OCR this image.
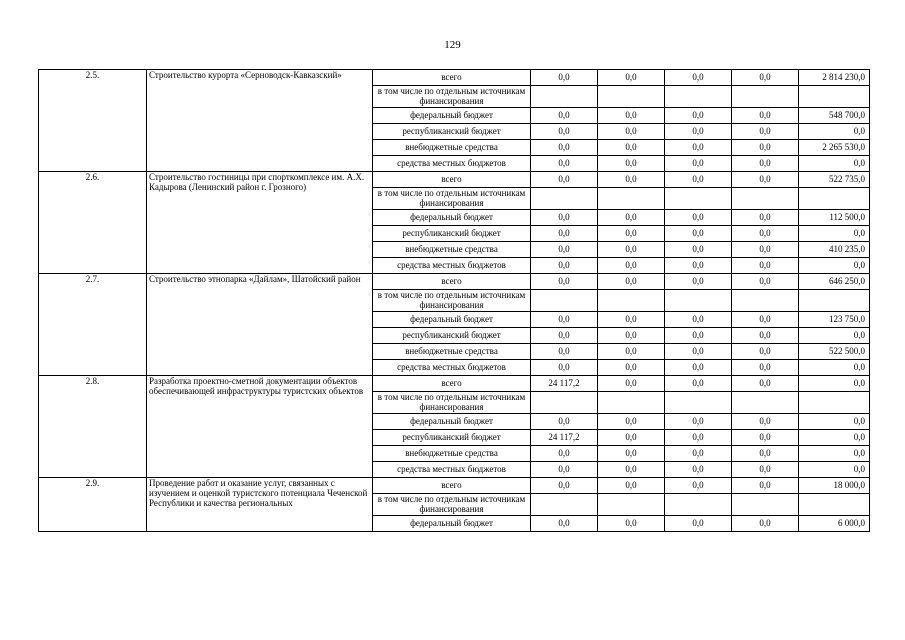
129
2.5.	Строительство курорта «Серноводск-Кавказский»	всего	0,0	0,0	0,0	0,0	2 814 230,0
		в том числе по отдельным источникам финансирования					
		федеральный бюджет	0,0	0,0	0,0	0,0	548 700,0
		республиканский бюджет	0,0	0,0	0,0	0,0	0,0
		внебюджетные средства	0,0	0,0	0,0	0,0	2 265 530,0
		средства местных бюджетов	0,0	0,0	0,0	0,0	0,0
2.6.	Строительство гостиницы при спорткомплексе им. А.Х. Кадырова (Ленинский район г. Грозного)	всего	0,0	0,0	0,0	0,0	522 735,0
		в том числе по отдельным источникам финансирования					
		федеральный бюджет	0,0	0,0	0,0	0,0	112 500,0
		республиканский бюджет	0,0	0,0	0,0	0,0	0,0
		внебюджетные средства	0,0	0,0	0,0	0,0	410 235,0
		средства местных бюджетов	0,0	0,0	0,0	0,0	0,0
2.7.	Строительство этнопарка «Дайлам», Шатойский район	всего	0,0	0,0	0,0	0,0	646 250,0
		в том числе по отдельным источникам финансирования					
		федеральный бюджет	0,0	0,0	0,0	0,0	123 750,0
		республиканский бюджет	0,0	0,0	0,0	0,0	0,0
		внебюджетные средства	0,0	0,0	0,0	0,0	522 500,0
		средства местных бюджетов	0,0	0,0	0,0	0,0	0,0
2.8.	Разработка проектно-сметной документации объектов обеспечивающей инфраструктуры туристских объектов	всего	24 117,2	0,0	0,0	0,0	0,0
		в том числе по отдельным источникам финансирования					
		федеральный бюджет	0,0	0,0	0,0	0,0	0,0
		республиканский бюджет	24 117,2	0,0	0,0	0,0	0,0
		внебюджетные средства	0,0	0,0	0,0	0,0	0,0
		средства местных бюджетов	0,0	0,0	0,0	0,0	0,0
2.9.	Проведение работ и оказание услуг, связанных с изучением и оценкой туристского потенциала Чеченской Республики и качества региональных	всего	0,0	0,0	0,0	0,0	18 000,0
		в том числе по отдельным источникам финансирования					
		федеральный бюджет	0,0	0,0	0,0	0,0	6 000,0
